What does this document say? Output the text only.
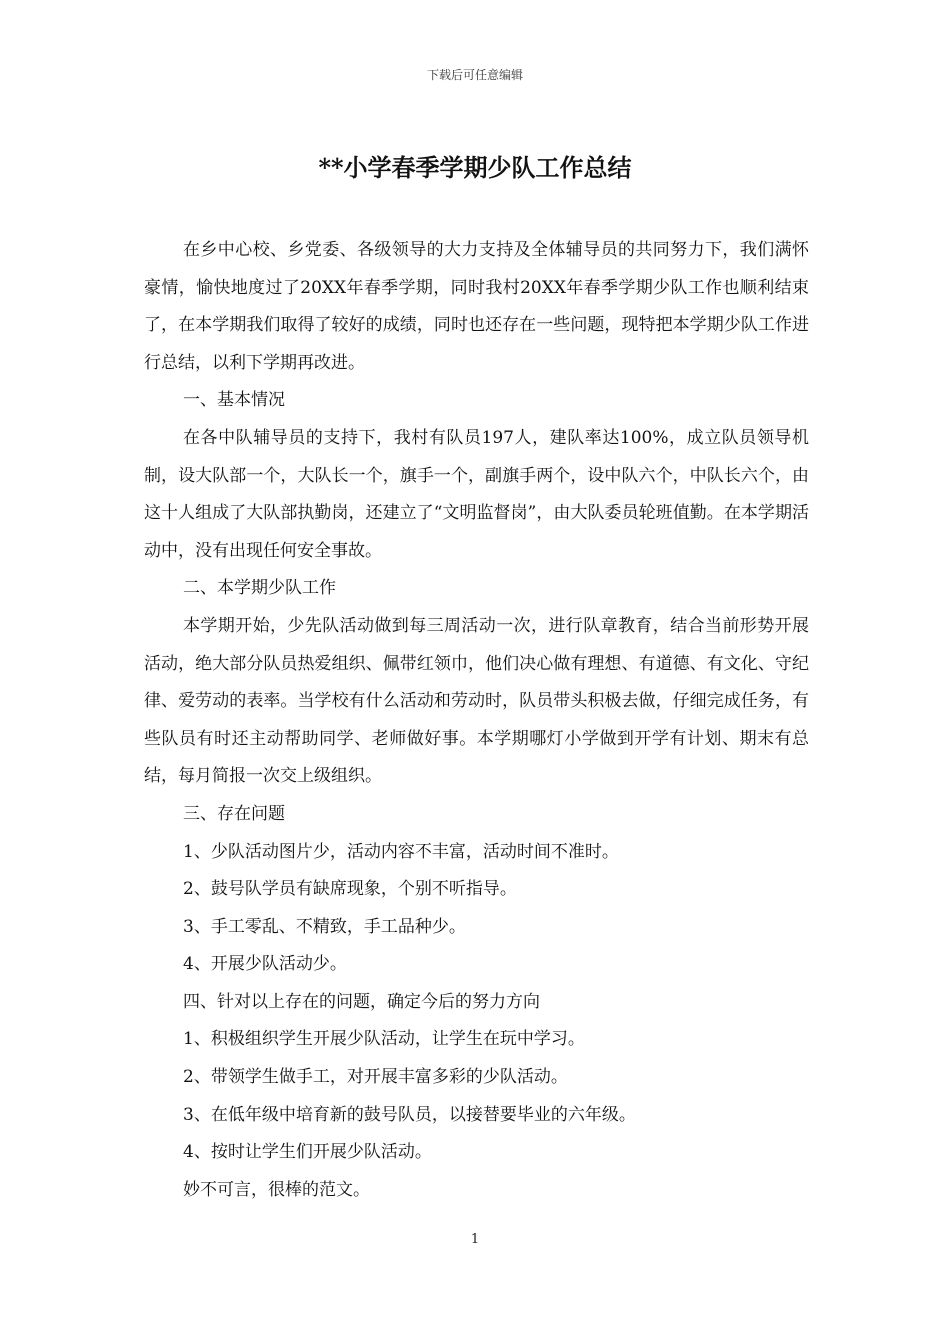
下载后可任意编辑
**小学春季学期少队工作总结

在乡中心校、乡党委、各级领导的大力支持及全体辅导员的共同努力下，我们满怀豪情，愉快地度过了20XX年春季学期，同时我村20XX年春季学期少队工作也顺利结束了，在本学期我们取得了较好的成绩，同时也还存在一些问题，现特把本学期少队工作进行总结，以利下学期再改进。

一、基本情况

在各中队辅导员的支持下，我村有队员197人，建队率达100%，成立队员领导机制，设大队部一个，大队长一个，旗手一个，副旗手两个，设中队六个，中队长六个，由这十人组成了大队部执勤岗，还建立了“文明监督岗”，由大队委员轮班值勤。在本学期活动中，没有出现任何安全事故。

二、本学期少队工作

本学期开始，少先队活动做到每三周活动一次，进行队章教育，结合当前形势开展活动，绝大部分队员热爱组织、佩带红领巾，他们决心做有理想、有道德、有文化、守纪律、爱劳动的表率。当学校有什么活动和劳动时，队员带头积极去做，仔细完成任务，有些队员有时还主动帮助同学、老师做好事。本学期哪灯小学做到开学有计划、期末有总结，每月简报一次交上级组织。

三、存在问题

1、少队活动图片少，活动内容不丰富，活动时间不准时。

2、鼓号队学员有缺席现象，个别不听指导。

3、手工零乱、不精致，手工品种少。

4、开展少队活动少。

四、针对以上存在的问题，确定今后的努力方向

1、积极组织学生开展少队活动，让学生在玩中学习。

2、带领学生做手工，对开展丰富多彩的少队活动。

3、在低年级中培育新的鼓号队员，以接替要毕业的六年级。

4、按时让学生们开展少队活动。

妙不可言，很棒的范文。

1
